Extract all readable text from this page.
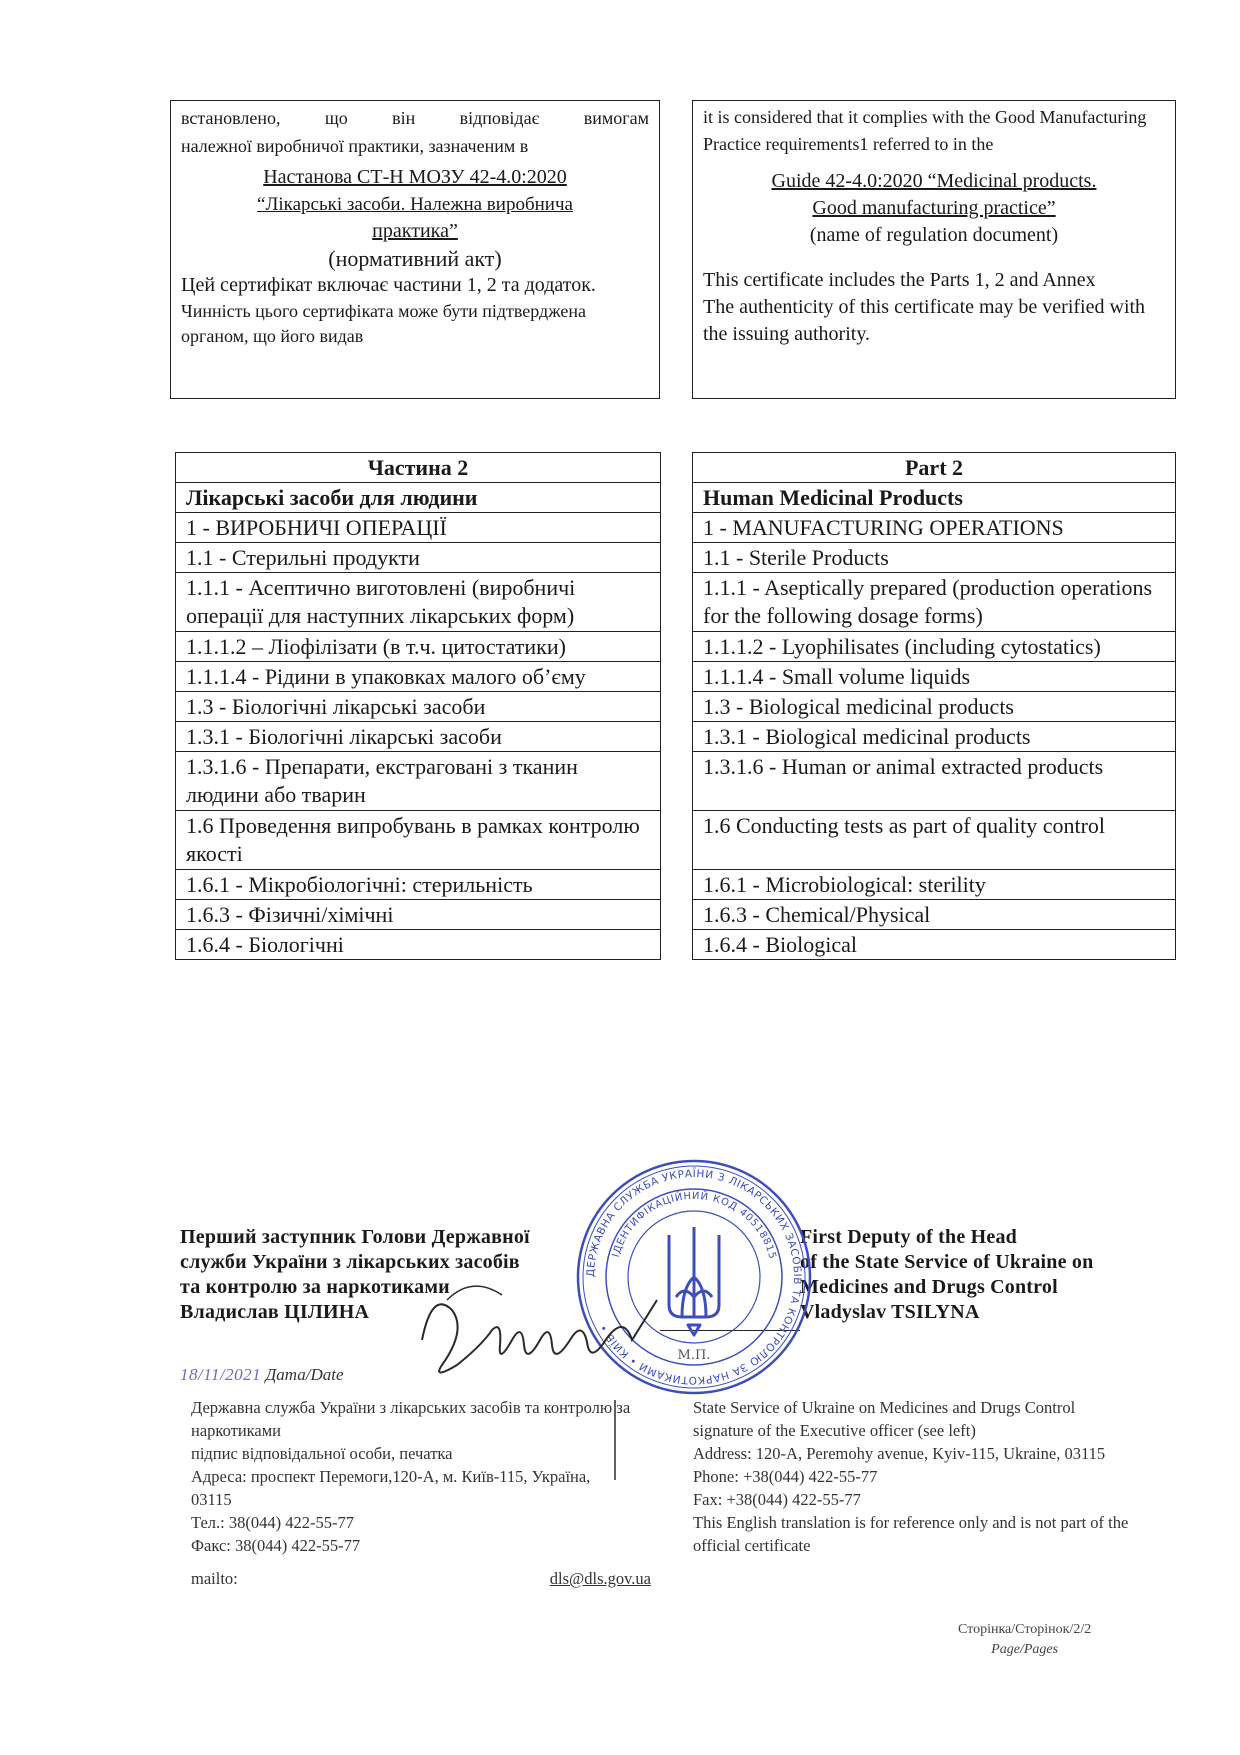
встановлено, що він відповідає вимогам

належної виробничої практики, зазначеним в

Настанова СТ-Н МОЗУ 42-4.0:2020

“Лікарські засоби. Належна виробнича

практика”

(нормативний акт)

Цей сертифікат включає частини 1, 2 та додаток.

Чинність цього сертифіката може бути підтверджена органом, що його видав

it is considered that it complies with the Good Manufacturing Practice requirements1 referred to in the

Guide 42-4.0:2020 “Medicinal products.

Good manufacturing practice”

(name of regulation document)

This certificate includes the Parts 1, 2 and Annex

The authenticity of this certificate may be verified with the issuing authority.

Частина 2
Лікарські засоби для людини
1 - ВИРОБНИЧІ ОПЕРАЦІЇ
1.1 - Стерильні продукти
1.1.1 - Асептично виготовлені (виробничі операції для наступних лікарських форм)
1.1.1.2 – Ліофілізати (в т.ч. цитостатики)
1.1.1.4 - Рідини в упаковках малого об’єму
1.3 - Біологічні лікарські засоби
1.3.1 - Біологічні лікарські засоби
1.3.1.6 - Препарати, екстраговані з тканин людини або тварин
1.6 Проведення випробувань в рамках контролю якості
1.6.1 - Мікробіологічні: стерильність
1.6.3 - Фізичні/хімічні
1.6.4 - Біологічні
Part 2
Human Medicinal Products
1 - MANUFACTURING OPERATIONS
1.1 - Sterile Products
1.1.1 - Aseptically prepared (production operations for the following dosage forms)
1.1.1.2 - Lyophilisates (including cytostatics)
1.1.1.4 - Small volume liquids
1.3 - Biological medicinal products
1.3.1 - Biological medicinal products
1.3.1.6 - Human or animal extracted products
1.6 Conducting tests as part of quality control
1.6.1 - Microbiological: sterility
1.6.3 - Chemical/Physical
1.6.4 - Biological

Перший заступник Голови Державної

служби України з лікарських засобів

та контролю за наркотиками

Владислав ЦІЛИНА

First Deputy of the Head

of the State Service of Ukraine on

Medicines and Drugs Control

Vladyslav TSILYNA

ДЕРЖАВНА СЛУЖБА УКРАЇНИ З ЛІКАРСЬКИХ ЗАСОБІВ ТА КОНТРОЛЮ ЗА НАРКОТИКАМИ • КИЇВ •
ІДЕНТИФІКАЦІЙНИЙ КОД 40518815
М.П.
18/11/2021 Дата/Date

Державна служба України з лікарських засобів та контролю за наркотиками

підпис відповідальної особи, печатка

Адреса: проспект Перемоги,120-А, м. Київ-115, Україна, 03115

Тел.: 38(044) 422-55-77

Факс: 38(044) 422-55-77

mailto:	dls@dls.gov.ua

State Service of Ukraine on Medicines and Drugs Control

signature of the Executive officer (see left)

Address: 120-A, Peremohy avenue, Kyiv-115, Ukraine, 03115

Phone: +38(044) 422-55-77

Fax: +38(044) 422-55-77

This English translation is for reference only and is not part of the official certificate

Сторінка/Сторінок/2/2

Page/Pages
